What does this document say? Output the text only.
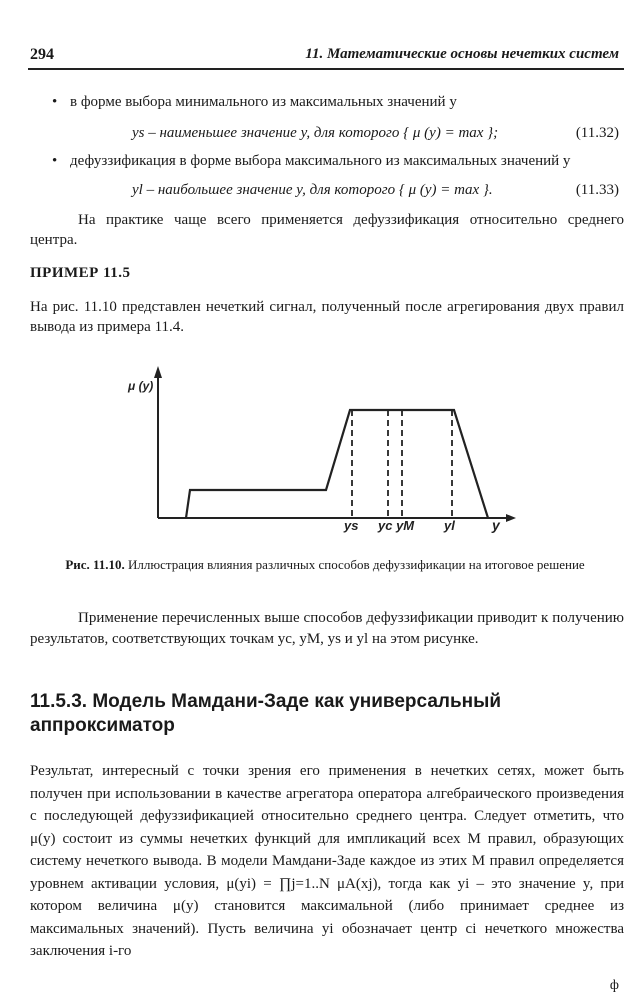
294	11. Математические основы нечетких систем
• в форме выбора минимального из максимальных значений y
ys – наименьшее значение y, для которого { μ (y) = max };	(11.32)
• дефуззификация в форме выбора максимального из максимальных значений y
yl – наибольшее значение y, для которого { μ (y) = max }.	(11.33)
На практике чаще всего применяется дефуззификация относительно среднего центра.
ПРИМЕР 11.5
На рис. 11.10 представлен нечеткий сигнал, полученный после агрегирования двух правил вывода из примера 11.4.
μ (y)
y
ys yc yM yl
Рис. 11.10. Иллюстрация влияния различных способов дефуззификации на итоговое решение
Применение перечисленных выше способов дефуззификации приводит к получению результатов, соответствующих точкам yc, yM, ys и yl на этом рисунке.
11.5.3. Модель Мамдани-Заде как универсальный аппроксиматор
Результат, интересный с точки зрения его применения в нечетких сетях, может быть получен при использовании в качестве агрегатора оператора алгебраического произведения с последующей дефуззификацией относительно среднего центра. Следует отметить, что μ(y) состоит из суммы нечетких функций для импликаций всех M правил, образующих систему нечеткого вывода. В модели Мамдани-Заде каждое из этих M правил определяется уровнем активации условия, μ(yi) = ∏j=1..N μA(xj), тогда как yi – это значение y, при котором величина μ(y) становится максимальной (либо принимает среднее из максимальных значений). Пусть величина yi обозначает центр ci нечеткого множества заключения i-го
ф
